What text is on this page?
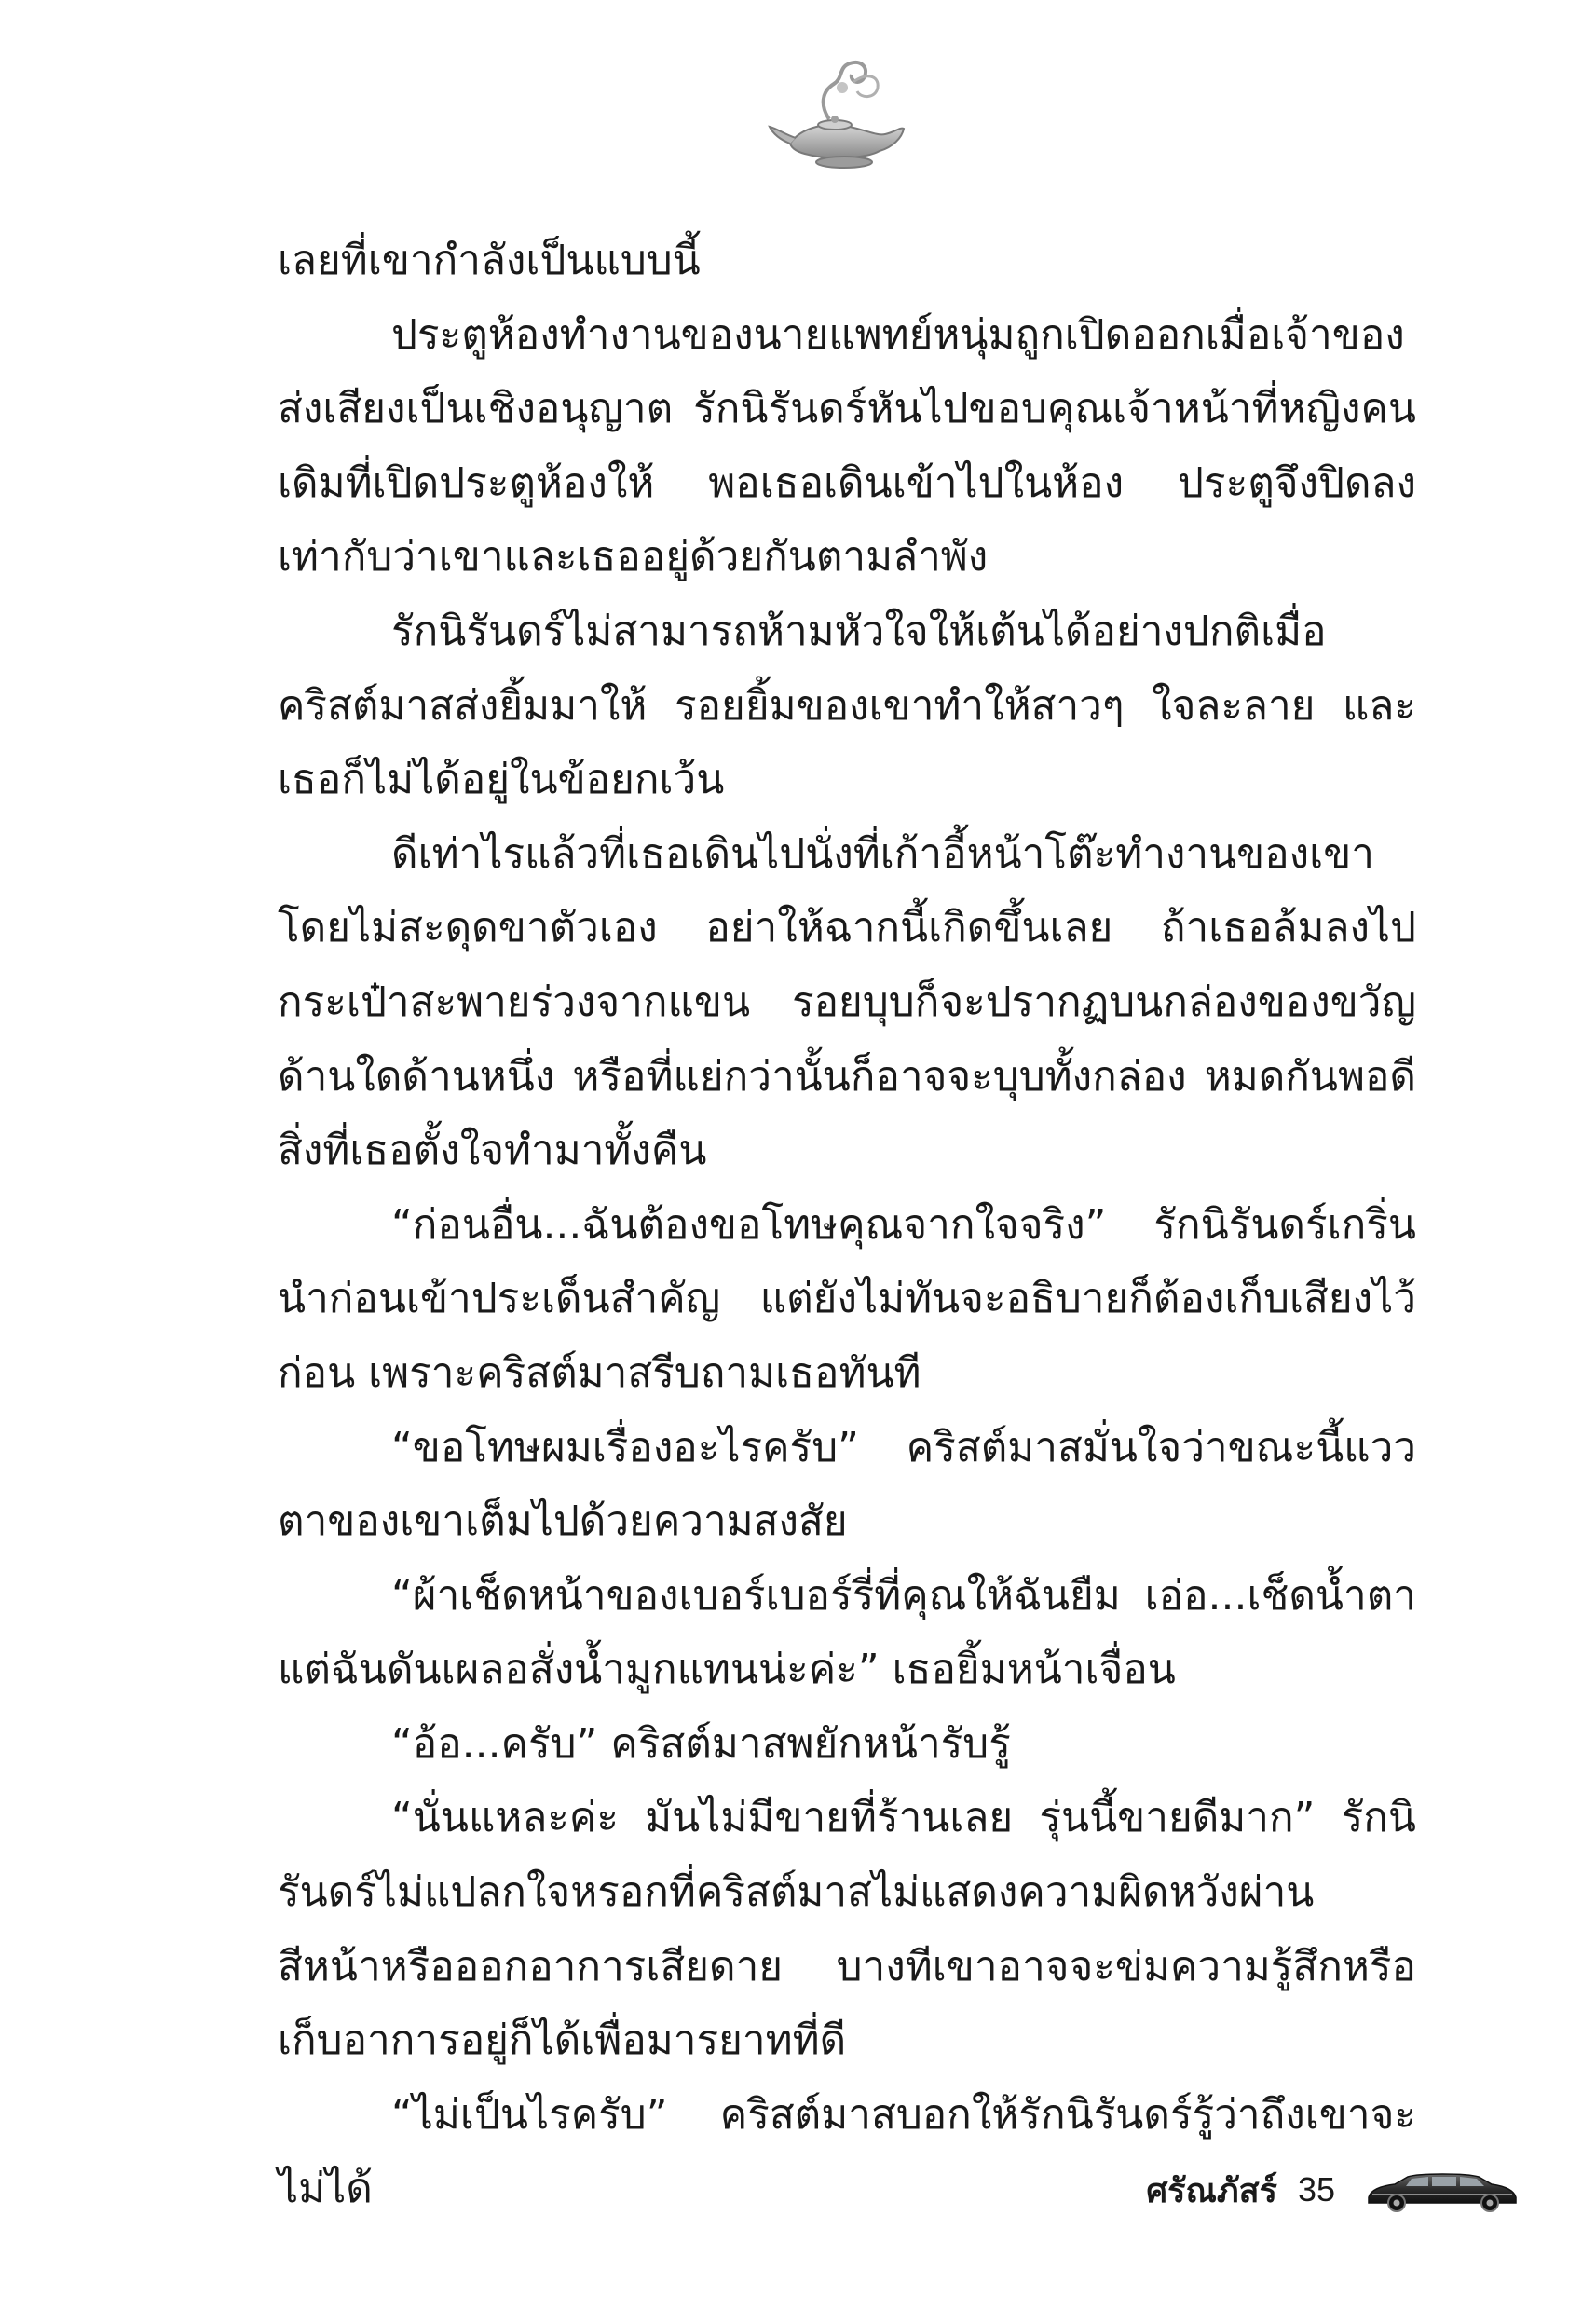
เลยที่เขากำลังเป็นแบบนี้

ประตูห้องทำงานของนายแพทย์หนุ่มถูกเปิดออกเมื่อเจ้าของส่งเสียงเป็นเชิงอนุญาต รักนิรันดร์หันไปขอบคุณเจ้าหน้าที่หญิงคนเดิมที่เปิดประตูห้องให้ พอเธอเดินเข้าไปในห้อง ประตูจึงปิดลง เท่ากับว่าเขาและเธออยู่ด้วยกันตามลำพัง

รักนิรันดร์ไม่สามารถห้ามหัวใจให้เต้นได้อย่างปกติเมื่อคริสต์มาสส่งยิ้มมาให้ รอยยิ้มของเขาทำให้สาวๆ ใจละลาย และเธอก็ไม่ได้อยู่ในข้อยกเว้น

ดีเท่าไรแล้วที่เธอเดินไปนั่งที่เก้าอี้หน้าโต๊ะทำงานของเขาโดยไม่สะดุดขาตัวเอง อย่าให้ฉากนี้เกิดขึ้นเลย ถ้าเธอล้มลงไป กระเป๋าสะพายร่วงจากแขน รอยบุบก็จะปรากฏบนกล่องของขวัญด้านใดด้านหนึ่ง หรือที่แย่กว่านั้นก็อาจจะบุบทั้งกล่อง หมดกันพอดี สิ่งที่เธอตั้งใจทำมาทั้งคืน

“ก่อนอื่น...ฉันต้องขอโทษคุณจากใจจริง” รักนิรันดร์เกริ่นนำก่อนเข้าประเด็นสำคัญ แต่ยังไม่ทันจะอธิบายก็ต้องเก็บเสียงไว้ก่อน เพราะคริสต์มาสรีบถามเธอทันที

“ขอโทษผมเรื่องอะไรครับ” คริสต์มาสมั่นใจว่าขณะนี้แววตาของเขาเต็มไปด้วยความสงสัย

“ผ้าเช็ดหน้าของเบอร์เบอร์รี่ที่คุณให้ฉันยืม เอ่อ...เช็ดน้ำตา แต่ฉันดันเผลอสั่งน้ำมูกแทนน่ะค่ะ” เธอยิ้มหน้าเจื่อน

“อ้อ...ครับ” คริสต์มาสพยักหน้ารับรู้

“นั่นแหละค่ะ มันไม่มีขายที่ร้านเลย รุ่นนี้ขายดีมาก” รักนิรันดร์ไม่แปลกใจหรอกที่คริสต์มาสไม่แสดงความผิดหวังผ่านสีหน้าหรือออกอาการเสียดาย บางทีเขาอาจจะข่มความรู้สึกหรือเก็บอาการอยู่ก็ได้เพื่อมารยาทที่ดี

“ไม่เป็นไรครับ” คริสต์มาสบอกให้รักนิรันดร์รู้ว่าถึงเขาจะไม่ได้	ศรัณภัสร์ 35
